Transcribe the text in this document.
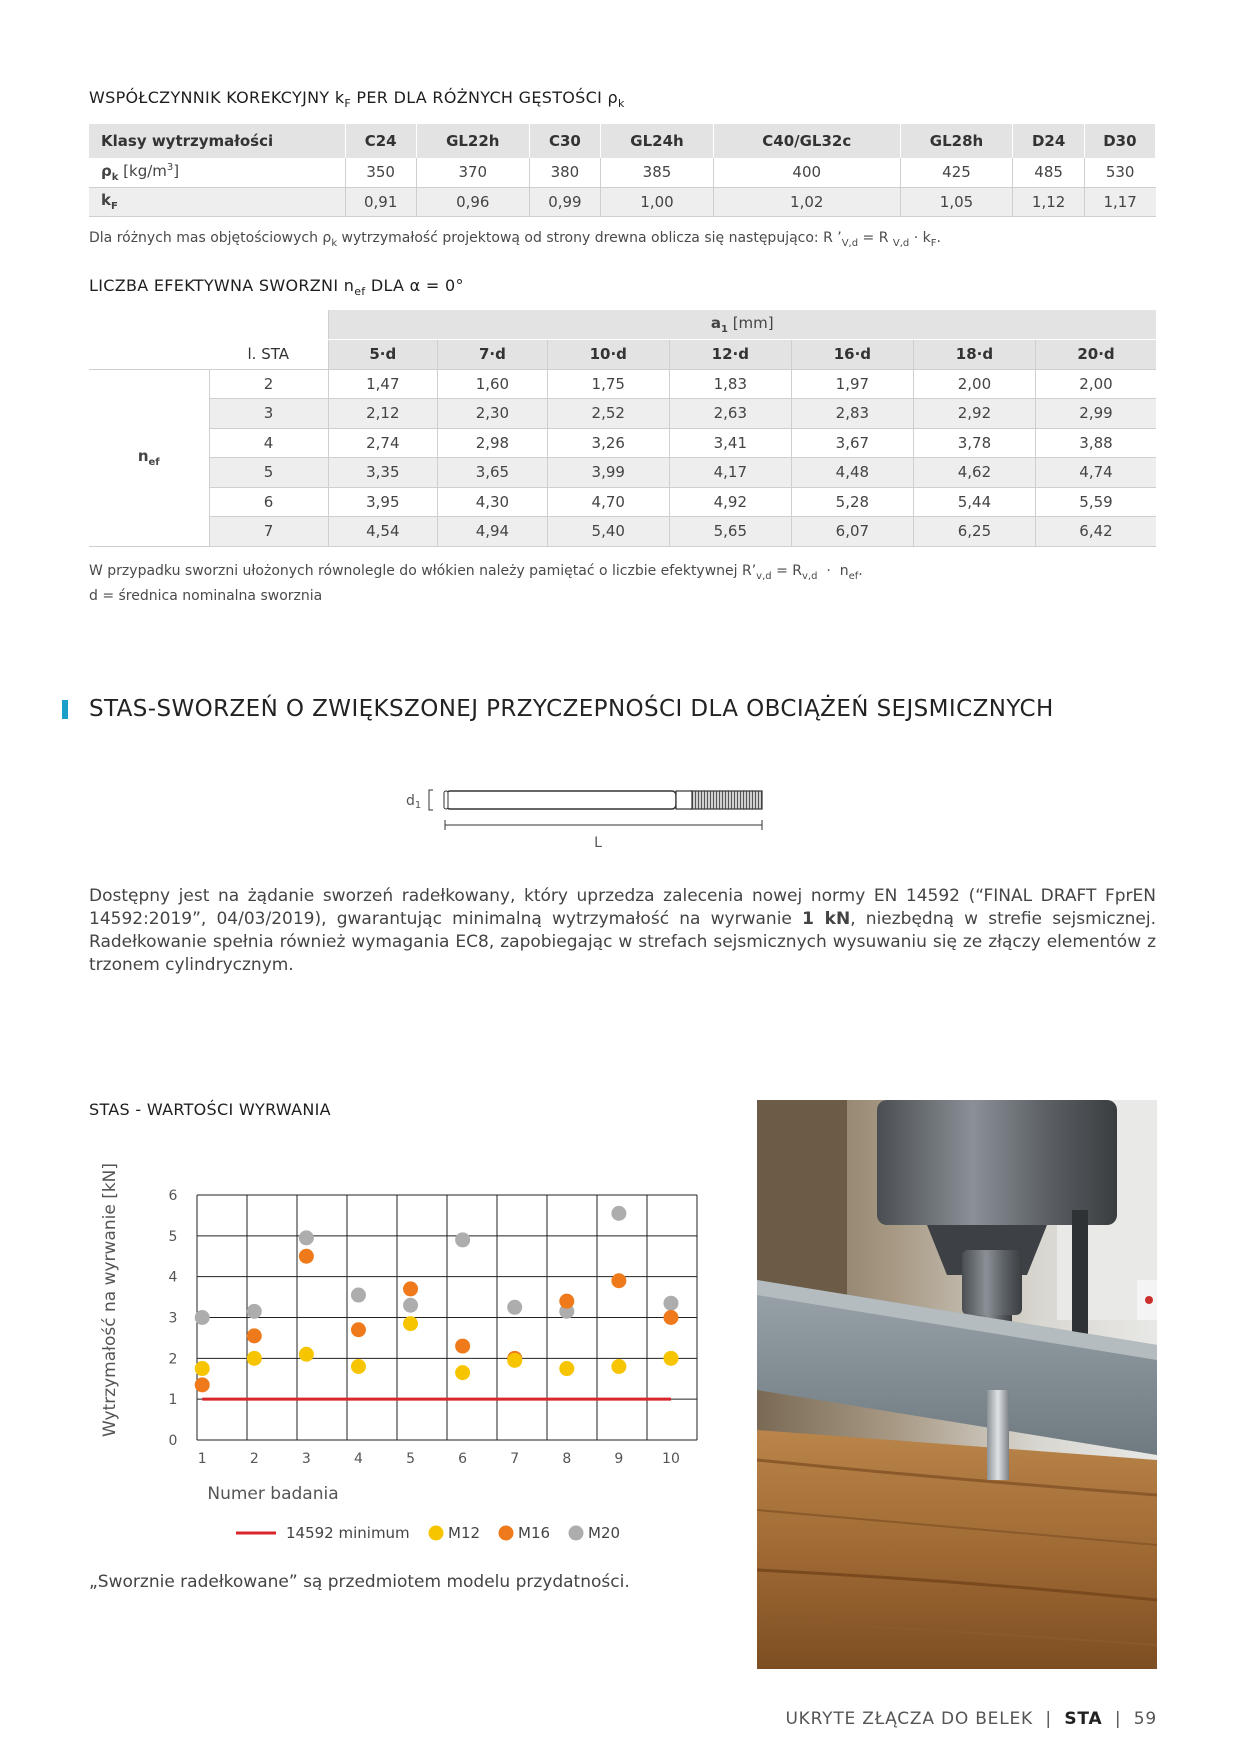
WSPÓŁCZYNNIK KOREKCYJNY $k_F$ PER DLA RÓŻNYCH GĘSTOŚCI $\rho_k$
Klasy wytrzymałości	C24	GL22h	C30	GL24h	C40/GL32c	GL28h	D24	D30
$\rho_k$ $[kg/m^3]$	350	370	380	385	400	425	485	530
$k_F$	0,91	0,96	0,99	1,00	1,02	1,05	1,12	1,17
Dla różnych mas objętościowych $\rho_k$ wytrzymałość projektową od strony drewna oblicza się następująco: R $’_{V,d} = R$ $_{V,d} \cdot k_F$.
LICZBA EFEKTYWNA SWORZNI $n_{ef}$ DLA α = 0°
		$a_1$ [mm]						
	l. STA	5·d	7·d	10·d	12·d	16·d	18·d	20·d
$n_{ef}$	2	1,47	1,60	1,75	1,83	1,97	2,00	2,00
	3	2,12	2,30	2,52	2,63	2,83	2,92	2,99
	4	2,74	2,98	3,26	3,41	3,67	3,78	3,88
	5	3,35	3,65	3,99	4,17	4,48	4,62	4,74
	6	3,95	4,30	4,70	4,92	5,28	5,44	5,59
	7	4,54	4,94	5,40	5,65	6,07	6,25	6,42
W przypadku sworzni ułożonych równolegle do włókien należy pamiętać o liczbie efektywnej $R’_{v,d} = R_{v,d} \cdot n_{ef}$.
d = średnica nominalna sworznia
STAS-SWORZEŃ O ZWIĘKSZONEJ PRZYCZEPNOŚCI DLA OBCIĄŻEŃ SEJSMICZNYCH
$d_1$
L
Dostępny jest na żądanie sworzeń radełkowany, który uprzedza zalecenia nowej normy EN 14592 (“FINAL DRAFT FprEN 14592:2019”, 04/03/2019), gwarantując minimalną wytrzymałość na wyrwanie 1 kN, niezbędną w strefie sejsmicznej. Radełkowanie spełnia również wymagania EC8, zapobiegając w strefach sejsmicznych wysuwaniu się ze złączy elementów z trzonem cylindrycznym.
STAS - WARTOŚCI WYRWANIA
0
1
2
3
4
5
6
1	2	3	4	5	6	7	8	9	10
Wytrzymałość na wyrwanie [kN]
Numer badania
14592 minimum	M12	M16	M20
„Sworznie radełkowane” są przedmiotem modelu przydatności.
UKRYTE ZŁĄCZA DO BELEK  |  STA  |  59
